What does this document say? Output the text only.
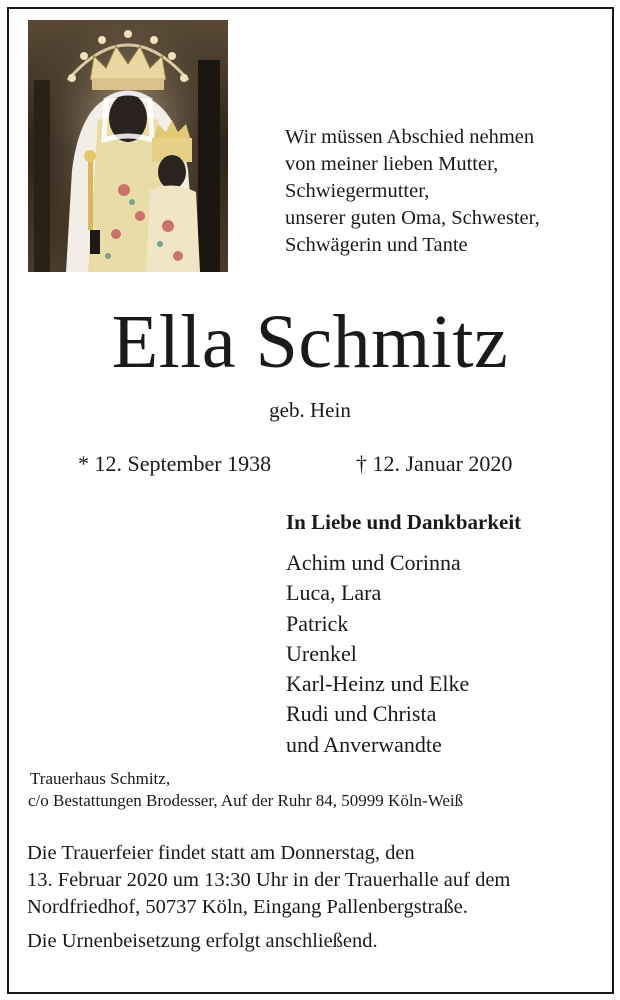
Wir müssen Abschied nehmen
von meiner lieben Mutter,
Schwiegermutter,
unserer guten Oma, Schwester,
Schwägerin und Tante
Ella Schmitz
geb. Hein
* 12. September 1938	† 12. Januar 2020
In Liebe und Dankbarkeit
Achim und Corinna
Luca, Lara
Patrick
Urenkel
Karl-Heinz und Elke
Rudi und Christa
und Anverwandte
Trauerhaus Schmitz,
c/o Bestattungen Brodesser, Auf der Ruhr 84, 50999 Köln-Weiß
Die Trauerfeier findet statt am Donnerstag, den
13. Februar 2020 um 13:30 Uhr in der Trauerhalle auf dem
Nordfriedhof, 50737 Köln, Eingang Pallenbergstraße.
Die Urnenbeisetzung erfolgt anschließend.
